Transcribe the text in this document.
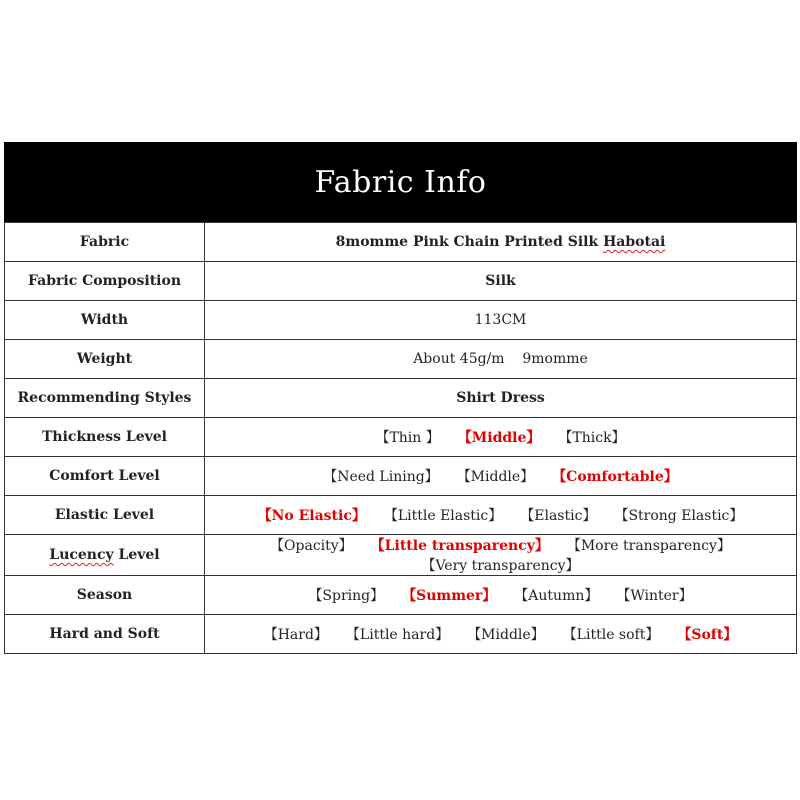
Fabric Info
Fabric	8momme Pink Chain Printed Silk Habotai
Fabric Composition	Silk
Width	113CM
Weight	About 45g/m    9momme
Recommending Styles	Shirt Dress
Thickness Level	【Thin 】 【Middle】 【Thick】
Comfort Level	【Need Lining】 【Middle】 【Comfortable】
Elastic Level	【No Elastic】 【Little Elastic】 【Elastic】 【Strong Elastic】
Lucency Level	【Opacity】 【Little transparency】 【More transparency】【Very transparency】
Season	【Spring】 【Summer】 【Autumn】 【Winter】
Hard and Soft	【Hard】 【Little hard】 【Middle】 【Little soft】 【Soft】
